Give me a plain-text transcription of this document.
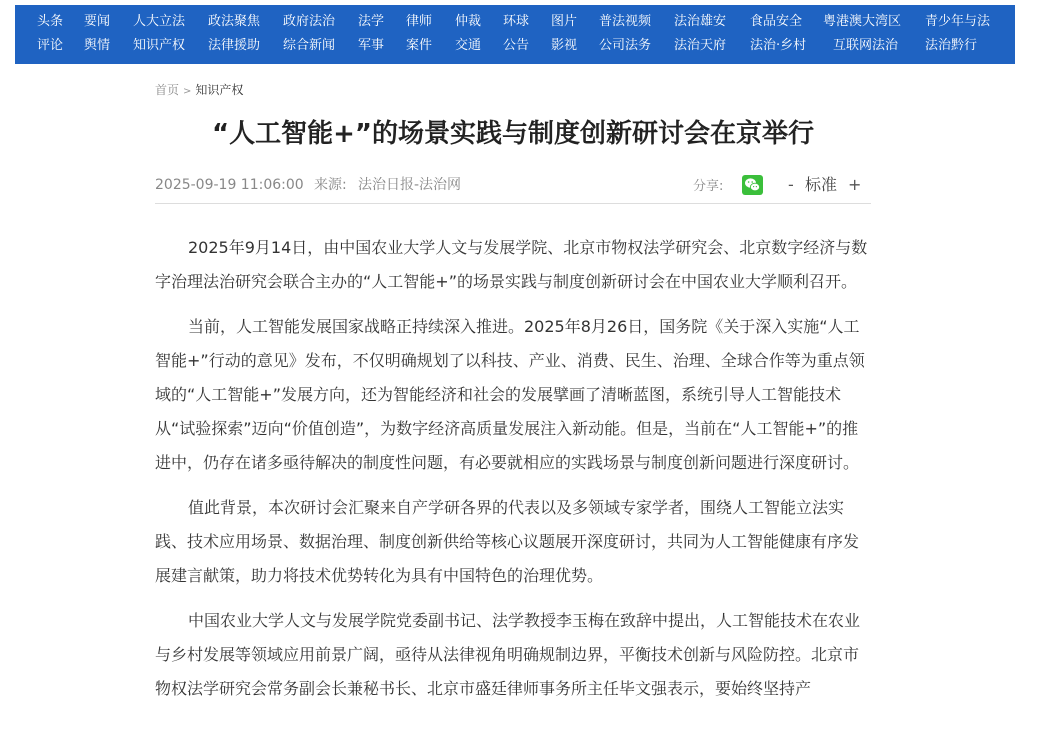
头条 要闻 人大立法 政法聚焦 政府法治 法学 律师 仲裁 环球 图片 普法视频 法治雄安 食品安全 粤港澳大湾区 青少年与法
评论 舆情 知识产权 法律援助 综合新闻 军事 案件 交通 公告 影视 公司法务 法治天府 法治·乡村 互联网法治 法治黔行
首页 > 知识产权
“人工智能+”的场景实践与制度创新研讨会在京举行
2025-09-19 11:06:00 来源: 法治日报-法治网	分享:	- 标准 +

2025年9月14日，由中国农业大学人文与发展学院、北京市物权法学研究会、北京数字经济与数字治理法治研究会联合主办的“人工智能+”的场景实践与制度创新研讨会在中国农业大学顺利召开。

当前，人工智能发展国家战略正持续深入推进。2025年8月26日，国务院《关于深入实施“人工智能+”行动的意见》发布，不仅明确规划了以科技、产业、消费、民生、治理、全球合作等为重点领域的“人工智能+”发展方向，还为智能经济和社会的发展擘画了清晰蓝图，系统引导人工智能技术从“试验探索”迈向“价值创造”，为数字经济高质量发展注入新动能。但是，当前在“人工智能+”的推进中，仍存在诸多亟待解决的制度性问题，有必要就相应的实践场景与制度创新问题进行深度研讨。

值此背景，本次研讨会汇聚来自产学研各界的代表以及多领域专家学者，围绕人工智能立法实践、技术应用场景、数据治理、制度创新供给等核心议题展开深度研讨，共同为人工智能健康有序发展建言献策，助力将技术优势转化为具有中国特色的治理优势。

中国农业大学人文与发展学院党委副书记、法学教授李玉梅在致辞中提出，人工智能技术在农业与乡村发展等领域应用前景广阔，亟待从法律视角明确规制边界，平衡技术创新与风险防控。北京市物权法学研究会常务副会长兼秘书长、北京市盛廷律师事务所主任毕文强表示，要始终坚持产
